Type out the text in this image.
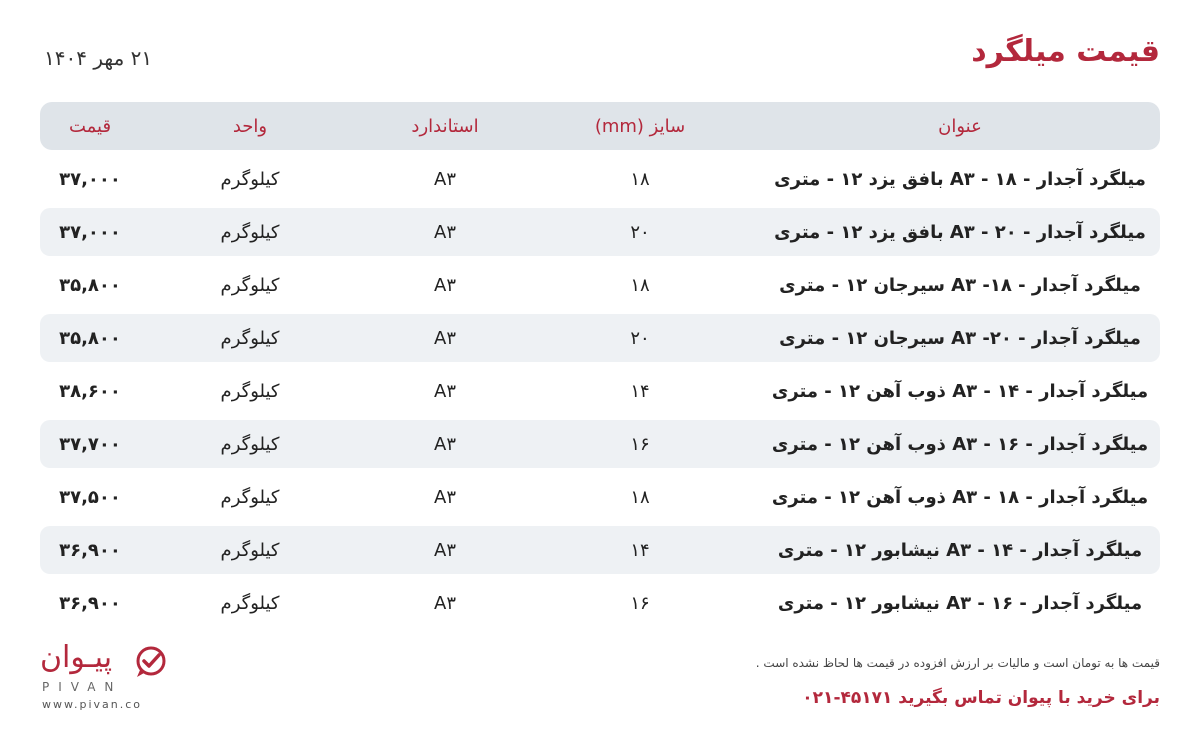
قیمت میلگرد
۲۱ مهر ۱۴۰۴
عنوان
سایز (mm)
استاندارد
واحد
قیمت
میلگرد آجدار - A۳ - ۱۸ بافق یزد ۱۲ - متری
۱۸
A۳
کیلوگرم
۳۷,۰۰۰
میلگرد آجدار - A۳ - ۲۰ بافق یزد ۱۲ - متری
۲۰
A۳
کیلوگرم
۳۷,۰۰۰
میلگرد آجدار - A۳ -۱۸ سیرجان ۱۲ - متری
۱۸
A۳
کیلوگرم
۳۵,۸۰۰
میلگرد آجدار - A۳ -۲۰ سیرجان ۱۲ - متری
۲۰
A۳
کیلوگرم
۳۵,۸۰۰
میلگرد آجدار - A۳ - ۱۴ ذوب آهن ۱۲ - متری
۱۴
A۳
کیلوگرم
۳۸,۶۰۰
میلگرد آجدار - A۳ - ۱۶ ذوب آهن ۱۲ - متری
۱۶
A۳
کیلوگرم
۳۷,۷۰۰
میلگرد آجدار - A۳ - ۱۸ ذوب آهن ۱۲ - متری
۱۸
A۳
کیلوگرم
۳۷,۵۰۰
میلگرد آجدار - A۳ - ۱۴ نیشابور ۱۲ - متری
۱۴
A۳
کیلوگرم
۳۶,۹۰۰
میلگرد آجدار - A۳ - ۱۶ نیشابور ۱۲ - متری
۱۶
A۳
کیلوگرم
۳۶,۹۰۰
پیـوان
PIVAN
www.pivan.co
قیمت ها به تومان است و مالیات بر ارزش افزوده در قیمت ها لحاظ نشده است .
برای خرید با پیوان تماس بگیرید ۴۵۱۷۱-۰۲۱
